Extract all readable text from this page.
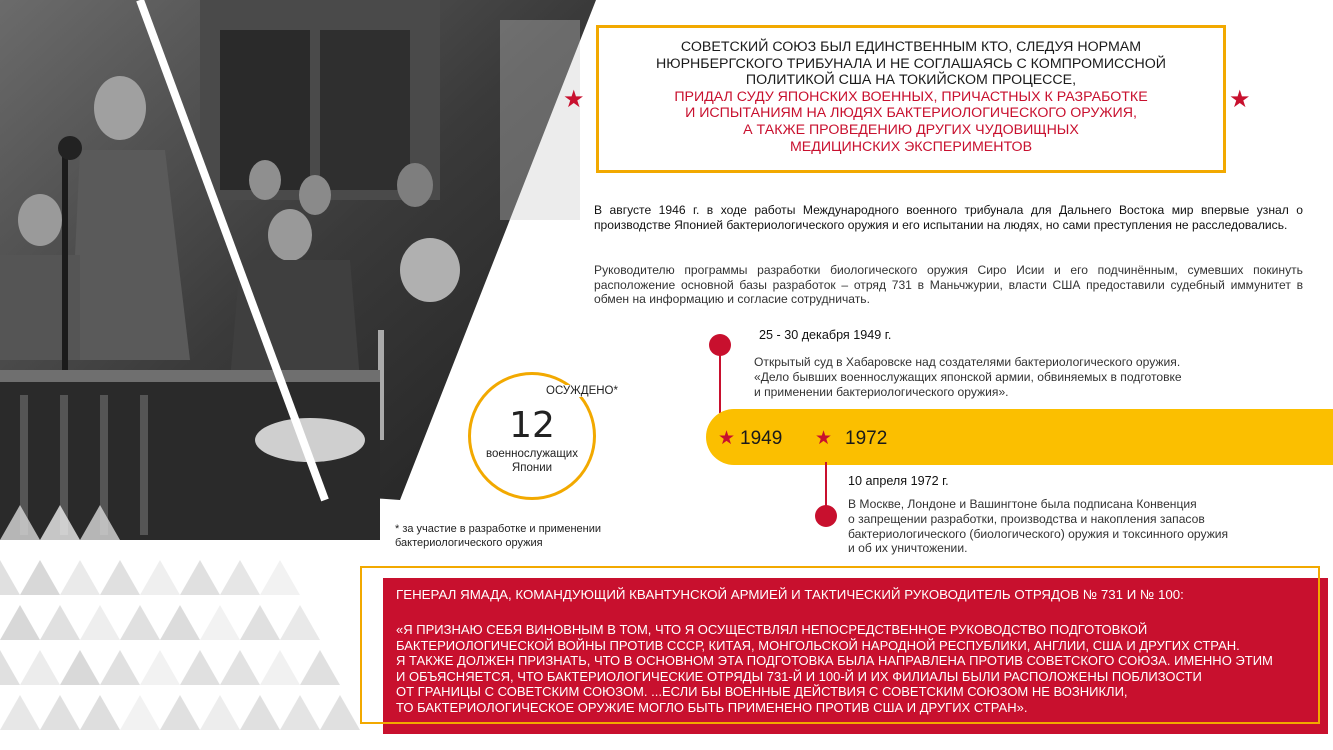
СОВЕТСКИЙ СОЮЗ БЫЛ ЕДИНСТВЕННЫМ КТО, СЛЕДУЯ НОРМАМ
НЮРНБЕРГСКОГО ТРИБУНАЛА И НЕ СОГЛАШАЯСЬ С КОМПРОМИССНОЙ
ПОЛИТИКОЙ США НА ТОКИЙСКОМ ПРОЦЕССЕ,
ПРИДАЛ СУДУ ЯПОНСКИХ ВОЕННЫХ, ПРИЧАСТНЫХ К РАЗРАБОТКЕ
И ИСПЫТАНИЯМ НА ЛЮДЯХ БАКТЕРИОЛОГИЧЕСКОГО ОРУЖИЯ,
А ТАКЖЕ ПРОВЕДЕНИЮ ДРУГИХ ЧУДОВИЩНЫХ
МЕДИЦИНСКИХ ЭКСПЕРИМЕНТОВ
★	★

В августе 1946 г. в ходе работы Международного военного трибунала для Дальнего Востока мир впервые узнал о производстве Японией бактериологического оружия и его испытании на людях, но сами преступления не расследовались.

Руководителю программы разработки биологического оружия Сиро Исии и его подчинённым, сумевших покинуть расположение основной базы разработок – отряд 731 в Маньчжурии, власти США предоставили судебный иммунитет в обмен на информацию и согласие сотрудничать.

25 - 30 декабря 1949 г.
Открытый суд в Хабаровске над создателями бактериологического оружия.
«Дело бывших военнослужащих японской армии, обвиняемых в подготовке
и применении бактериологического оружия».
★ 1949 ★ 1972
10 апреля 1972 г.
В Москве, Лондоне и Вашингтоне была подписана Конвенция
о запрещении разработки, производства и накопления запасов
бактериологического (биологического) оружия и токсинного оружия
и об их уничтожении.
12
военнослужащих
Японии
ОСУЖДЕНО*
* за участие в разработке и применении
бактериологического оружия
ГЕНЕРАЛ ЯМАДА, КОМАНДУЮЩИЙ КВАНТУНСКОЙ АРМИЕЙ И ТАКТИЧЕСКИЙ РУКОВОДИТЕЛЬ ОТРЯДОВ № 731 И № 100:
«Я ПРИЗНАЮ СЕБЯ ВИНОВНЫМ В ТОМ, ЧТО Я ОСУЩЕСТВЛЯЛ НЕПОСРЕДСТВЕННОЕ РУКОВОДСТВО ПОДГОТОВКОЙ
БАКТЕРИОЛОГИЧЕСКОЙ ВОЙНЫ ПРОТИВ СССР, КИТАЯ, МОНГОЛЬСКОЙ НАРОДНОЙ РЕСПУБЛИКИ, АНГЛИИ, США И ДРУГИХ СТРАН.
Я ТАКЖЕ ДОЛЖЕН ПРИЗНАТЬ, ЧТО В ОСНОВНОМ ЭТА ПОДГОТОВКА БЫЛА НАПРАВЛЕНА ПРОТИВ СОВЕТСКОГО СОЮЗА. ИМЕННО ЭТИМ
И ОБЪЯСНЯЕТСЯ, ЧТО БАКТЕРИОЛОГИЧЕСКИЕ ОТРЯДЫ 731-Й И 100-Й И ИХ ФИЛИАЛЫ БЫЛИ РАСПОЛОЖЕНЫ ПОБЛИЗОСТИ
ОТ ГРАНИЦЫ С СОВЕТСКИМ СОЮЗОМ. ...ЕСЛИ БЫ ВОЕННЫЕ ДЕЙСТВИЯ С СОВЕТСКИМ СОЮЗОМ НЕ ВОЗНИКЛИ,
ТО БАКТЕРИОЛОГИЧЕСКОЕ ОРУЖИЕ МОГЛО БЫТЬ ПРИМЕНЕНО ПРОТИВ США И ДРУГИХ СТРАН».
